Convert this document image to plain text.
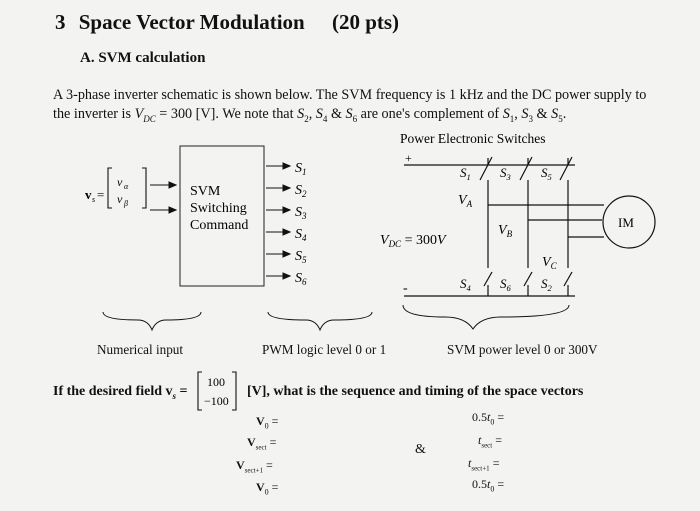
3 Space Vector Modulation (20 pts)
A. SVM calculation
A 3-phase inverter schematic is shown below. The SVM frequency is 1 kHz and the DC power supply to
the inverter is $V_{DC} = 300$ [V]. We note that $S_2$, $S_4$ & $S_6$ are one's complement of $S_1$, $S_3$ & $S_5$.
v s =
v α
v β
SVM
Switching
Command
$S_1$
$S_2$
$S_3$
$S_4$
$S_5$
$S_6$
Power Electronic Switches
+
-
$V_{DC} = 300V$
$S_1$ $S_3$ $S_5$
$S_4$ $S_6$ $S_2$
$V_A$
$V_B$
$V_C$
IM
Numerical input	PWM logic level 0 or 1	SVM power level 0 or 300V
If the desired field $v_s$ =
100
−100
[V], what is the sequence and timing of the space vectors
$V_0$ =
$V_{sect}$ =
$V_{sect+1}$ =
$V_0$ =
&
$0.5t_0$ =
$t_{sect}$ =
$t_{sect+1}$ =
$0.5t_0$ =
